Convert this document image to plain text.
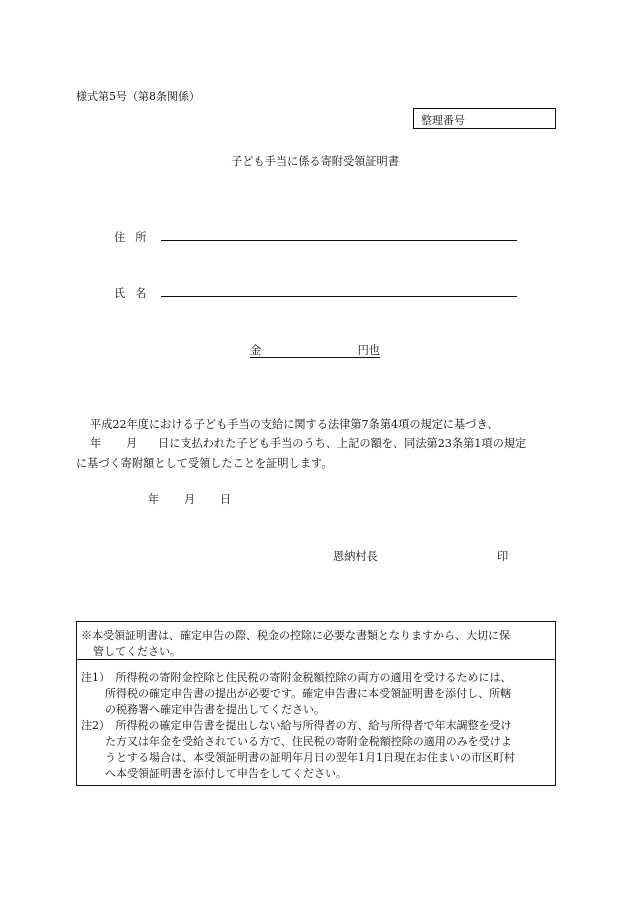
様式第5号（第8条関係）
整理番号
子ども手当に係る寄附受領証明書
住所
氏名
金	円也
平成22年度における子ども手当の支給に関する法律第7条第4項の規定に基づき、
年 月 日に支払われた子ども手当のうち、上記の額を、同法第23条第1項の規定
に基づく寄附額として受領したことを証明します。
年 月 日
恩納村長	印
※本受領証明書は、確定申告の際、税金の控除に必要な書類となりますから、大切に保
管してください。
注1）　所得税の寄附金控除と住民税の寄附金税額控除の両方の適用を受けるためには、
所得税の確定申告書の提出が必要です。確定申告書に本受領証明書を添付し、所轄
の税務署へ確定申告書を提出してください。
注2）　所得税の確定申告書を提出しない給与所得者の方、給与所得者で年末調整を受け
た方又は年金を受給されている方で、住民税の寄附金税額控除の適用のみを受けよ
うとする場合は、本受領証明書の証明年月日の翌年1月1日現在お住まいの市区町村
へ本受領証明書を添付して申告をしてください。
